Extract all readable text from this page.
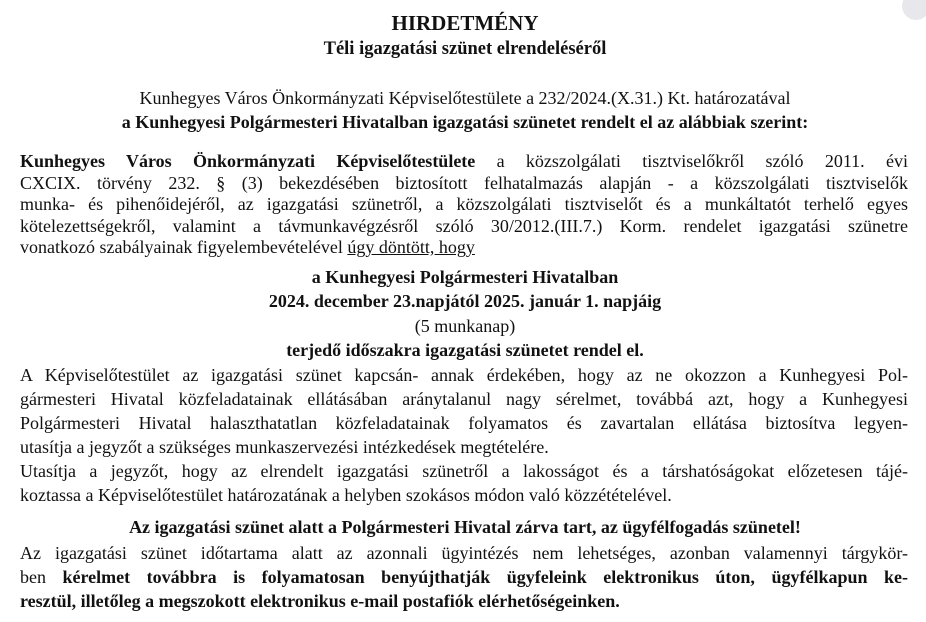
HIRDETMÉNY
Téli igazgatási szünet elrendeléséről
Kunhegyes Város Önkormányzati Képviselőtestülete a 232/2024.(X.31.) Kt. határozatával
a Kunhegyesi Polgármesteri Hivatalban igazgatási szünetet rendelt el az alábbiak szerint:
Kunhegyes Város Önkormányzati Képviselőtestülete a közszolgálati tisztviselőkről szóló 2011. évi
CXCIX. törvény 232. § (3) bekezdésében biztosított felhatalmazás alapján - a közszolgálati tisztviselők
munka- és pihenőidejéről, az igazgatási szünetről, a közszolgálati tisztviselőt és a munkáltatót terhelő egyes
kötelezettségekről, valamint a távmunkavégzésről szóló 30/2012.(III.7.) Korm. rendelet igazgatási szünetre
vonatkozó szabályainak figyelembevételével úgy döntött, hogy
a Kunhegyesi Polgármesteri Hivatalban
2024. december 23.napjától 2025. január 1. napjáig
(5 munkanap)
terjedő időszakra igazgatási szünetet rendel el.
A Képviselőtestület az igazgatási szünet kapcsán- annak érdekében, hogy az ne okozzon a Kunhegyesi Pol-
gármesteri Hivatal közfeladatainak ellátásában aránytalanul nagy sérelmet, továbbá azt, hogy a Kunhegyesi
Polgármesteri Hivatal halaszthatatlan közfeladatainak folyamatos és zavartalan ellátása biztosítva legyen-
utasítja a jegyzőt a szükséges munkaszervezési intézkedések megtételére.
Utasítja a jegyzőt, hogy az elrendelt igazgatási szünetről a lakosságot és a társhatóságokat előzetesen tájé-
koztassa a Képviselőtestület határozatának a helyben szokásos módon való közzétételével.
Az igazgatási szünet alatt a Polgármesteri Hivatal zárva tart, az ügyfélfogadás szünetel!
Az igazgatási szünet időtartama alatt az azonnali ügyintézés nem lehetséges, azonban valamennyi tárgykör-
ben kérelmet továbbra is folyamatosan benyújthatják ügyfeleink elektronikus úton, ügyfélkapun ke-
resztül, illetőleg a megszokott elektronikus e-mail postafiók elérhetőségeinken.
